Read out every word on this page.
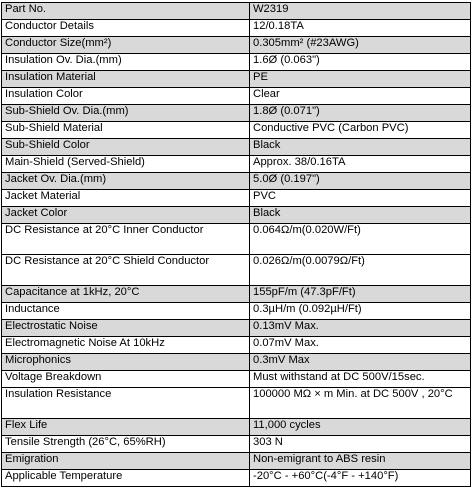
Part No.	W2319
Conductor Details	12/0.18TA
Conductor Size(mm²)	0.305mm² (#23AWG)
Insulation Ov. Dia.(mm)	1.6Ø (0.063")
Insulation Material	PE
Insulation Color	Clear
Sub-Shield Ov. Dia.(mm)	1.8Ø (0.071")
Sub-Shield Material	Conductive PVC (Carbon PVC)
Sub-Shield Color	Black
Main-Shield (Served-Shield)	Approx. 38/0.16TA
Jacket Ov. Dia.(mm)	5.0Ø (0.197")
Jacket Material	PVC
Jacket Color	Black
DC Resistance at 20°C Inner Conductor	0.064Ω/m(0.020W/Ft)
DC Resistance at 20°C Shield Conductor	0.026Ω/m(0.0079Ω/Ft)
Capacitance at 1kHz, 20°C	155pF/m (47.3pF/Ft)
Inductance	0.3µH/m (0.092µH/Ft)
Electrostatic Noise	0.13mV Max.
Electromagnetic Noise At 10kHz	0.07mV Max.
Microphonics	0.3mV Max
Voltage Breakdown	Must withstand at DC 500V/15sec.
Insulation Resistance	100000 MΩ × m Min. at DC 500V , 20°C
Flex Life	11,000 cycles
Tensile Strength (26°C, 65%RH)	303 N
Emigration	Non-emigrant to ABS resin
Applicable Temperature	-20°C - +60°C(-4°F - +140°F)
